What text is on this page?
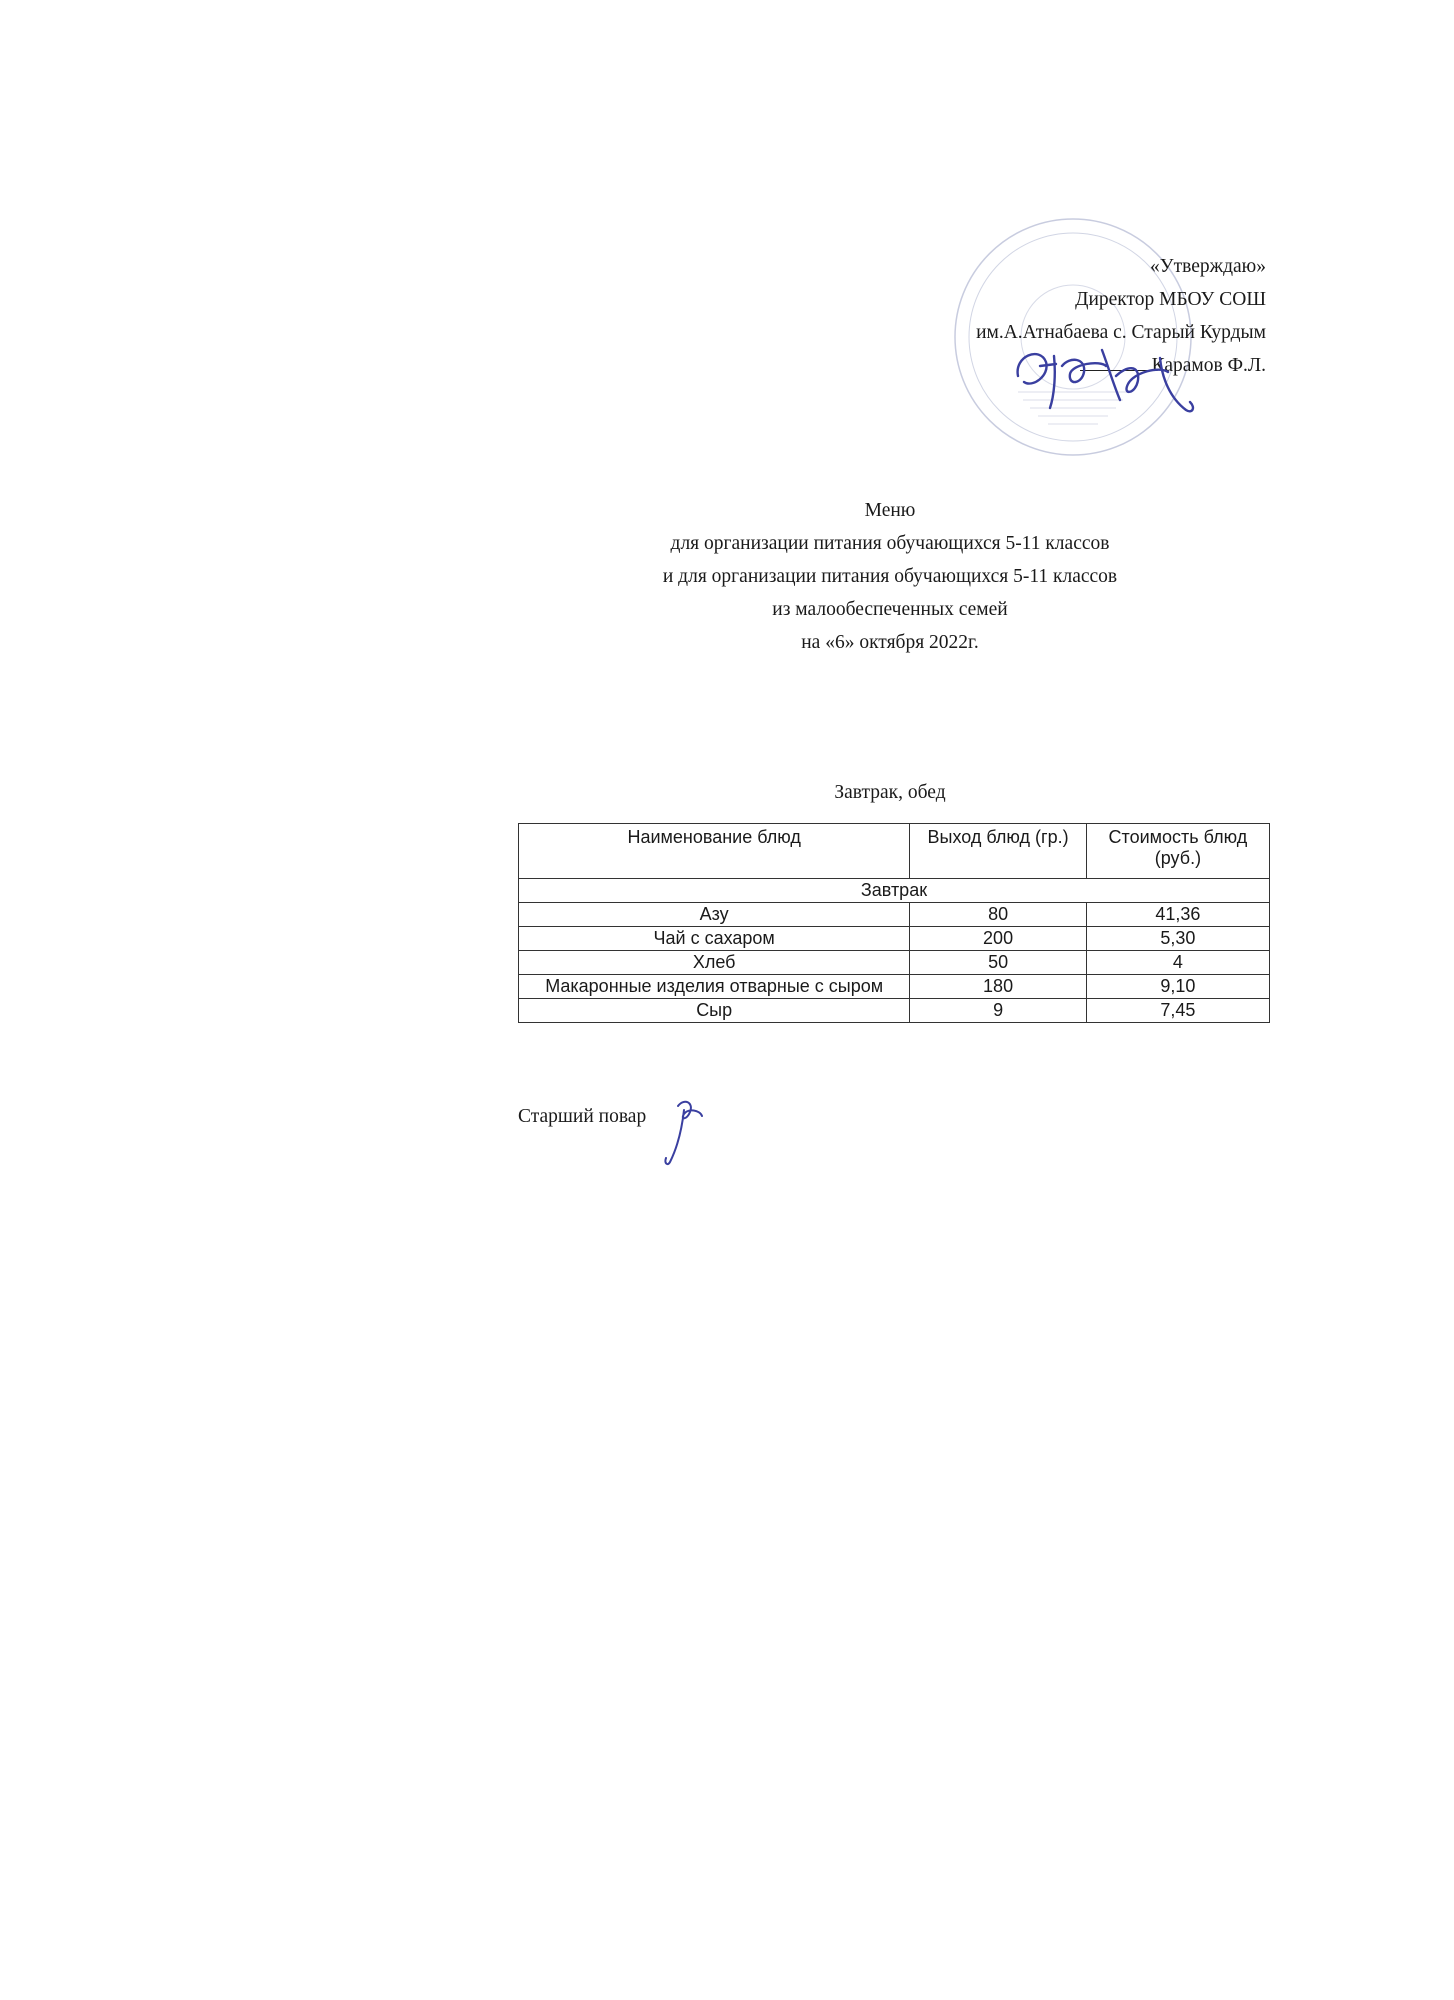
«Утверждаю»
Директор МБОУ СОШ
им.А.Атнабаева с. Старый Курдым
Карамов Ф.Л.
Меню
для организации питания обучающихся 5-11 классов
и для организации питания обучающихся 5-11 классов
из малообеспеченных семей
на «6» октября 2022г.
Завтрак, обед
Наименование блюд	Выход блюд (гр.)	Стоимость блюд (руб.)
Завтрак		
Азу	80	41,36
Чай с сахаром	200	5,30
Хлеб	50	4
Макаронные изделия отварные с сыром	180	9,10
Сыр	9	7,45
Старший повар
